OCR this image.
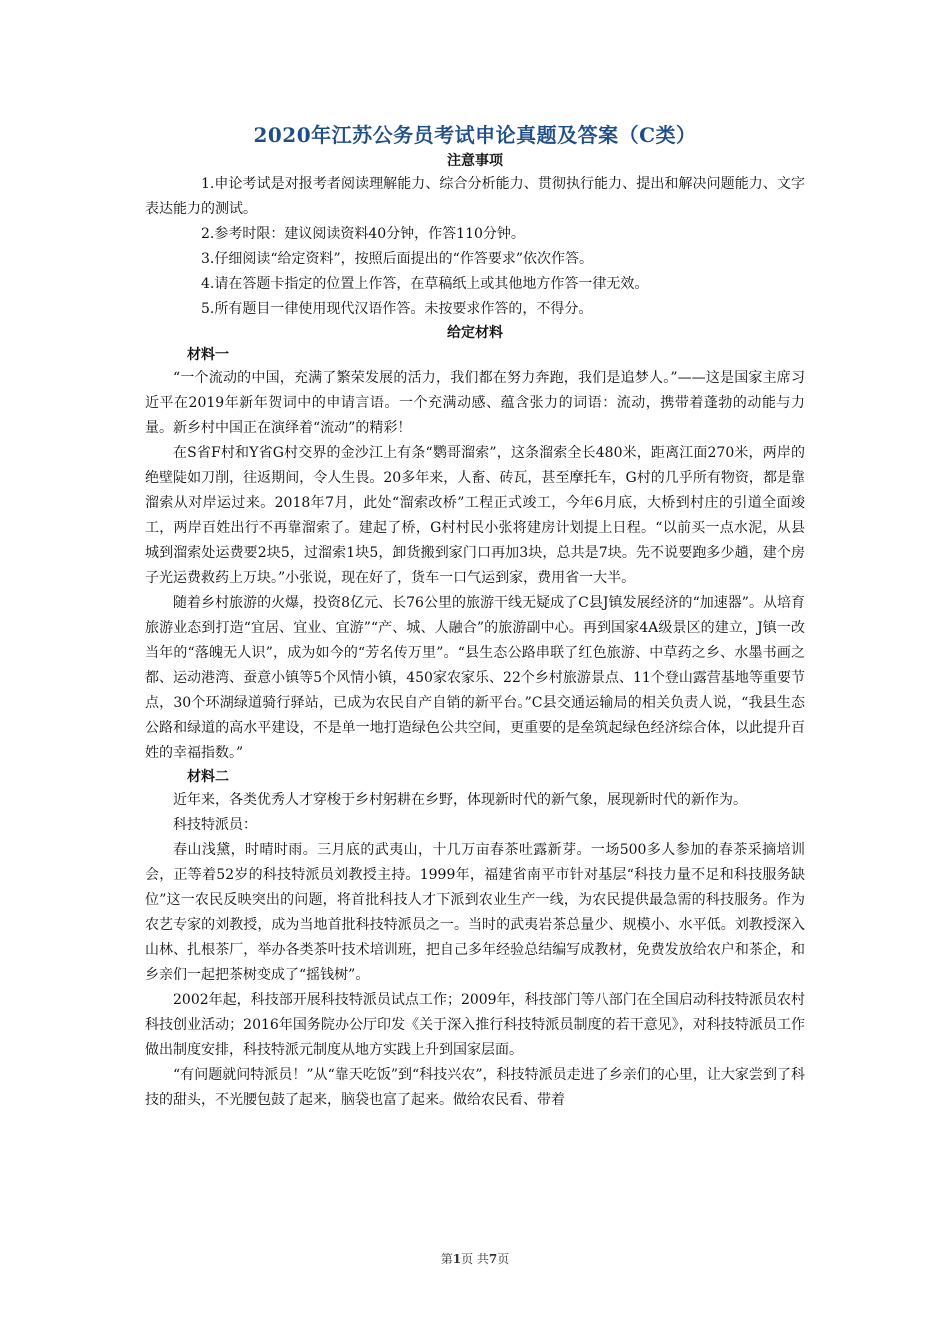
2020年江苏公务员考试申论真题及答案（C类）
注意事项

1.申论考试是对报考者阅读理解能力、综合分析能力、贯彻执行能力、提出和解决问题能力、文字表达能力的测试。

2.参考时限：建议阅读资料40分钟，作答110分钟。

3.仔细阅读“给定资料”，按照后面提出的“作答要求”依次作答。

4.请在答题卡指定的位置上作答，在草稿纸上或其他地方作答一律无效。

5.所有题目一律使用现代汉语作答。未按要求作答的，不得分。

给定材料
材料一

“一个流动的中国，充满了繁荣发展的活力，我们都在努力奔跑，我们是追梦人。”——这是国家主席习近平在2019年新年贺词中的申请言语。一个充满动感、蕴含张力的词语：流动，携带着蓬勃的动能与力量。新乡村中国正在演绎着“流动”的精彩！

在S省F村和Y省G村交界的金沙江上有条“鹦哥溜索”，这条溜索全长480米，距离江面270米，两岸的绝壁陡如刀削，往返期间，令人生畏。20多年来，人畜、砖瓦，甚至摩托车，G村的几乎所有物资，都是靠溜索从对岸运过来。2018年7月，此处“溜索改桥”工程正式竣工，今年6月底，大桥到村庄的引道全面竣工，两岸百姓出行不再靠溜索了。建起了桥，G村村民小张将建房计划提上日程。“以前买一点水泥，从县城到溜索处运费要2块5，过溜索1块5，卸货搬到家门口再加3块，总共是7块。先不说要跑多少趟，建个房子光运费救药上万块。”小张说，现在好了，货车一口气运到家，费用省一大半。

随着乡村旅游的火爆，投资8亿元、长76公里的旅游干线无疑成了C县J镇发展经济的“加速器”。从培育旅游业态到打造“宜居、宜业、宜游”“产、城、人融合”的旅游副中心。再到国家4A级景区的建立，J镇一改当年的“落魄无人识”，成为如今的“芳名传万里”。“县生态公路串联了红色旅游、中草药之乡、水墨书画之都、运动港湾、蚕意小镇等5个风情小镇，450家农家乐、22个乡村旅游景点、11个登山露营基地等重要节点，30个环湖绿道骑行驿站，已成为农民自产自销的新平台。”C县交通运输局的相关负责人说，“我县生态公路和绿道的高水平建设，不是单一地打造绿色公共空间，更重要的是垒筑起绿色经济综合体，以此提升百姓的幸福指数。”

材料二

近年来，各类优秀人才穿梭于乡村躬耕在乡野，体现新时代的新气象，展现新时代的新作为。

科技特派员：

春山浅黛，时晴时雨。三月底的武夷山，十几万亩春茶吐露新芽。一场500多人参加的春茶采摘培训会，正等着52岁的科技特派员刘教授主持。1999年，福建省南平市针对基层“科技力量不足和科技服务缺位”这一农民反映突出的问题，将首批科技人才下派到农业生产一线，为农民提供最急需的科技服务。作为农艺专家的刘教授，成为当地首批科技特派员之一。当时的武夷岩茶总量少、规模小、水平低。刘教授深入山林、扎根茶厂，举办各类茶叶技术培训班，把自己多年经验总结编写成教材，免费发放给农户和茶企，和乡亲们一起把茶树变成了“摇钱树”。

2002年起，科技部开展科技特派员试点工作；2009年，科技部门等八部门在全国启动科技特派员农村科技创业活动；2016年国务院办公厅印发《关于深入推行科技特派员制度的若干意见》，对科技特派员工作做出制度安排，科技特派元制度从地方实践上升到国家层面。

“有问题就问特派员！”从“靠天吃饭”到“科技兴农”，科技特派员走进了乡亲们的心里，让大家尝到了科技的甜头，不光腰包鼓了起来，脑袋也富了起来。做给农民看、带着

第1页 共7页
